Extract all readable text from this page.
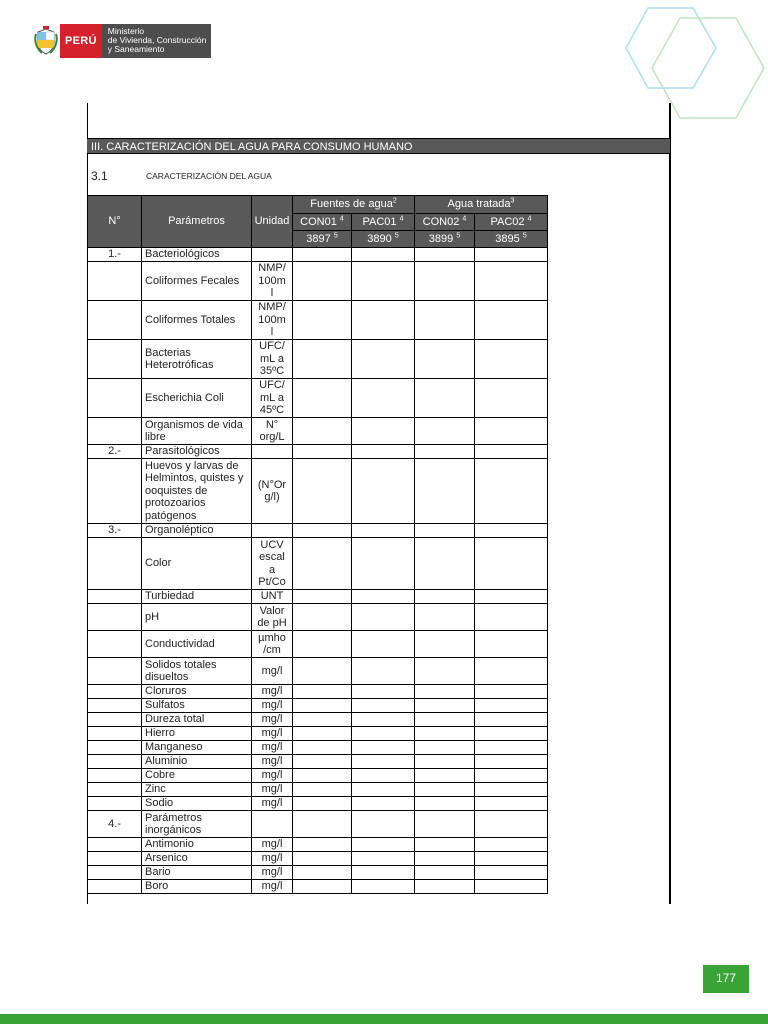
PERÚ
Ministerio
de Vivienda, Construcción
y Saneamiento
III. CARACTERIZACIÓN DEL AGUA PARA CONSUMO HUMANO
3.1	CARACTERIZACIÓN DEL AGUA
N°	Parámetros	Unidad	Fuentes de agua$^2$		Agua tratada$^3$
			CON01 $^4$	PAC01 $^4$	CON02 $^4$	PAC02 $^4$
			3897 $^5$	3890 $^5$	3899 $^5$	3895 $^5$
1.-	Bacteriológicos					
	Coliformes Fecales	NMP/
100m
l				
	Coliformes Totales	NMP/
100m
l				
	Bacterias Heterotróficas	UFC/
mL a
35ºC				
	Escherichia Coli	UFC/
mL a
45ºC				
	Organismos de vida libre	N°
org/L				
2.-	Parasitológicos					
	Huevos y larvas de Helmintos, quistes y ooquistes de protozoarios patógenos	(N°Or
g/l)				
3.-	Organoléptico					
	Color	UCV
escal
a
Pt/Co				
	Turbiedad	UNT				
	pH	Valor
de pH				
	Conductividad	µmho
/cm				
	Solidos totales disueltos	mg/l				
	Cloruros	mg/l				
	Sulfatos	mg/l				
	Dureza total	mg/l				
	Hierro	mg/l				
	Manganeso	mg/l				
	Aluminio	mg/l				
	Cobre	mg/l				
	Zinc	mg/l				
	Sodio	mg/l				
4.-	Parámetros inorgánicos					
	Antimonio	mg/l				
	Arsenico	mg/l				
	Bario	mg/l				
	Boro	mg/l				
177
